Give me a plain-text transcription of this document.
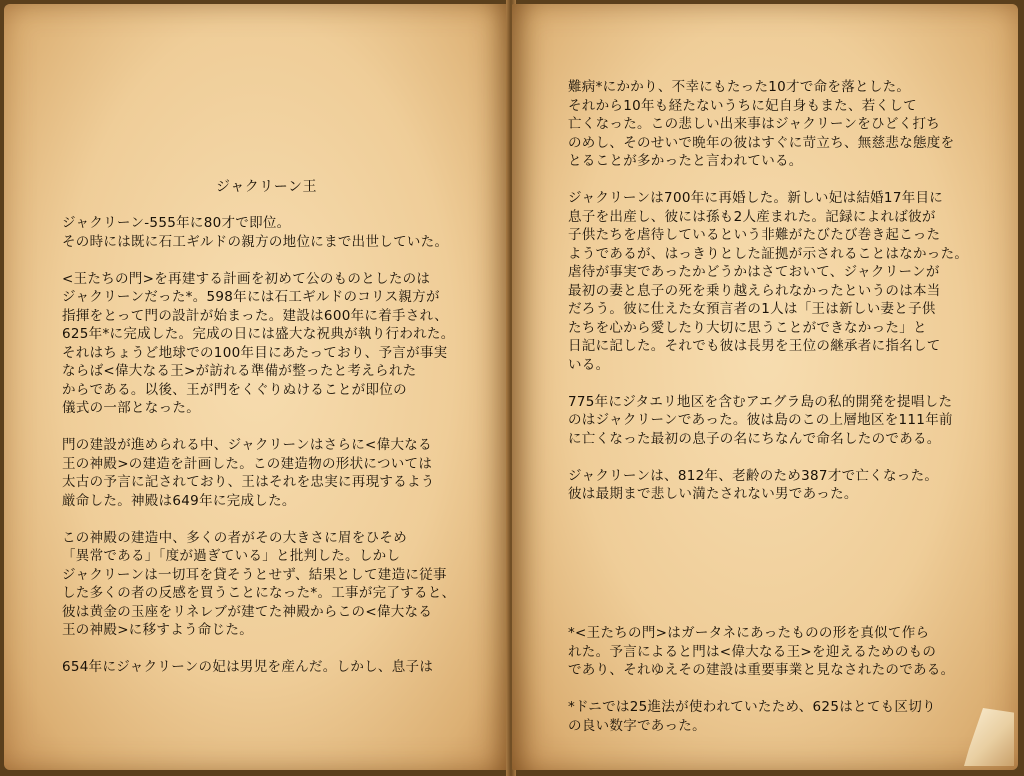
ジャクリーン王

ジャクリーン-555年に80才で即位。
その時には既に石工ギルドの親方の地位にまで出世していた。

<王たちの門>を再建する計画を初めて公のものとしたのは
ジャクリーンだった*。598年には石工ギルドのコリス親方が
指揮をとって門の設計が始まった。建設は600年に着手され、
625年*に完成した。完成の日には盛大な祝典が執り行われた。
それはちょうど地球での100年目にあたっており、予言が事実
ならば<偉大なる王>が訪れる準備が整ったと考えられた
からである。以後、王が門をくぐりぬけることが即位の
儀式の一部となった。

門の建設が進められる中、ジャクリーンはさらに<偉大なる
王の神殿>の建造を計画した。この建造物の形状については
太古の予言に記されており、王はそれを忠実に再現するよう
厳命した。神殿は649年に完成した。

この神殿の建造中、多くの者がその大きさに眉をひそめ
「異常である」「度が過ぎている」と批判した。しかし
ジャクリーンは一切耳を貸そうとせず、結果として建造に従事
した多くの者の反感を買うことになった*。工事が完了すると、
彼は黄金の玉座をリネレブが建てた神殿からこの<偉大なる
王の神殿>に移すよう命じた。

654年にジャクリーンの妃は男児を産んだ。しかし、息子は

難病*にかかり、不幸にもたった10才で命を落とした。
それから10年も経たないうちに妃自身もまた、若くして
亡くなった。この悲しい出来事はジャクリーンをひどく打ち
のめし、そのせいで晩年の彼はすぐに苛立ち、無慈悲な態度を
とることが多かったと言われている。

ジャクリーンは700年に再婚した。新しい妃は結婚17年目に
息子を出産し、彼には孫も2人産まれた。記録によれば彼が
子供たちを虐待しているという非難がたびたび巻き起こった
ようであるが、はっきりとした証拠が示されることはなかった。
虐待が事実であったかどうかはさておいて、ジャクリーンが
最初の妻と息子の死を乗り越えられなかったというのは本当
だろう。彼に仕えた女預言者の1人は「王は新しい妻と子供
たちを心から愛したり大切に思うことができなかった」と
日記に記した。それでも彼は長男を王位の継承者に指名して
いる。

775年にジタエリ地区を含むアエグラ島の私的開発を提唱した
のはジャクリーンであった。彼は島のこの上層地区を111年前
に亡くなった最初の息子の名にちなんで命名したのである。

ジャクリーンは、812年、老齢のため387才で亡くなった。
彼は最期まで悲しい満たされない男であった。

*<王たちの門>はガータネにあったものの形を真似て作ら
れた。予言によると門は<偉大なる王>を迎えるためのもの
であり、それゆえその建設は重要事業と見なされたのである。

*ドニでは25進法が使われていたため、625はとても区切り
の良い数字であった。
